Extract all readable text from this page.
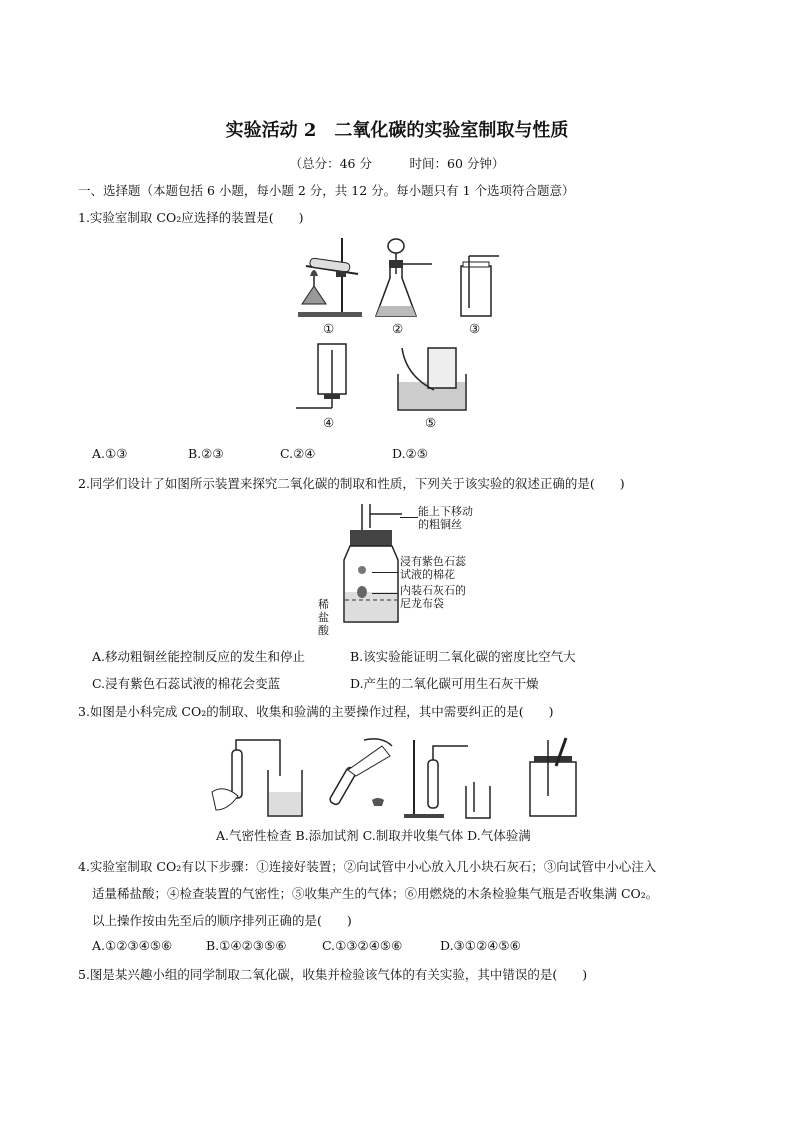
实验活动 2　二氧化碳的实验室制取与性质
（总分：46 分　　　时间：60 分钟）
一、选择题（本题包括 6 小题，每小题 2 分，共 12 分。每小题只有 1 个选项符合题意）
1.实验室制取 CO₂应选择的装置是(　　)
①	②	③
④	⑤
A.①③	B.②③	C.②④	D.②⑤
2.同学们设计了如图所示装置来探究二氧化碳的制取和性质，下列关于该实验的叙述正确的是(　　)
能上下移动
的粗铜丝
浸有紫色石蕊
试液的棉花
内装石灰石的
尼龙布袋
稀
盐
酸
A.移动粗铜丝能控制反应的发生和停止	B.该实验能证明二氧化碳的密度比空气大
C.浸有紫色石蕊试液的棉花会变蓝	D.产生的二氧化碳可用生石灰干燥
3.如图是小科完成 CO₂的制取、收集和验满的主要操作过程，其中需要纠正的是(　　)
A.气密性检查 B.添加试剂 C.制取并收集气体 D.气体验满
4.实验室制取 CO₂有以下步骤：①连接好装置；②向试管中小心放入几小块石灰石；③向试管中小心注入
适量稀盐酸；④检查装置的气密性；⑤收集产生的气体；⑥用燃烧的木条检验集气瓶是否收集满 CO₂。
以上操作按由先至后的顺序排列正确的是(　　)
A.①②③④⑤⑥	B.①④②③⑤⑥	C.①③②④⑤⑥	D.③①②④⑤⑥
5.图是某兴趣小组的同学制取二氧化碳，收集并检验该气体的有关实验，其中错误的是(　　)
